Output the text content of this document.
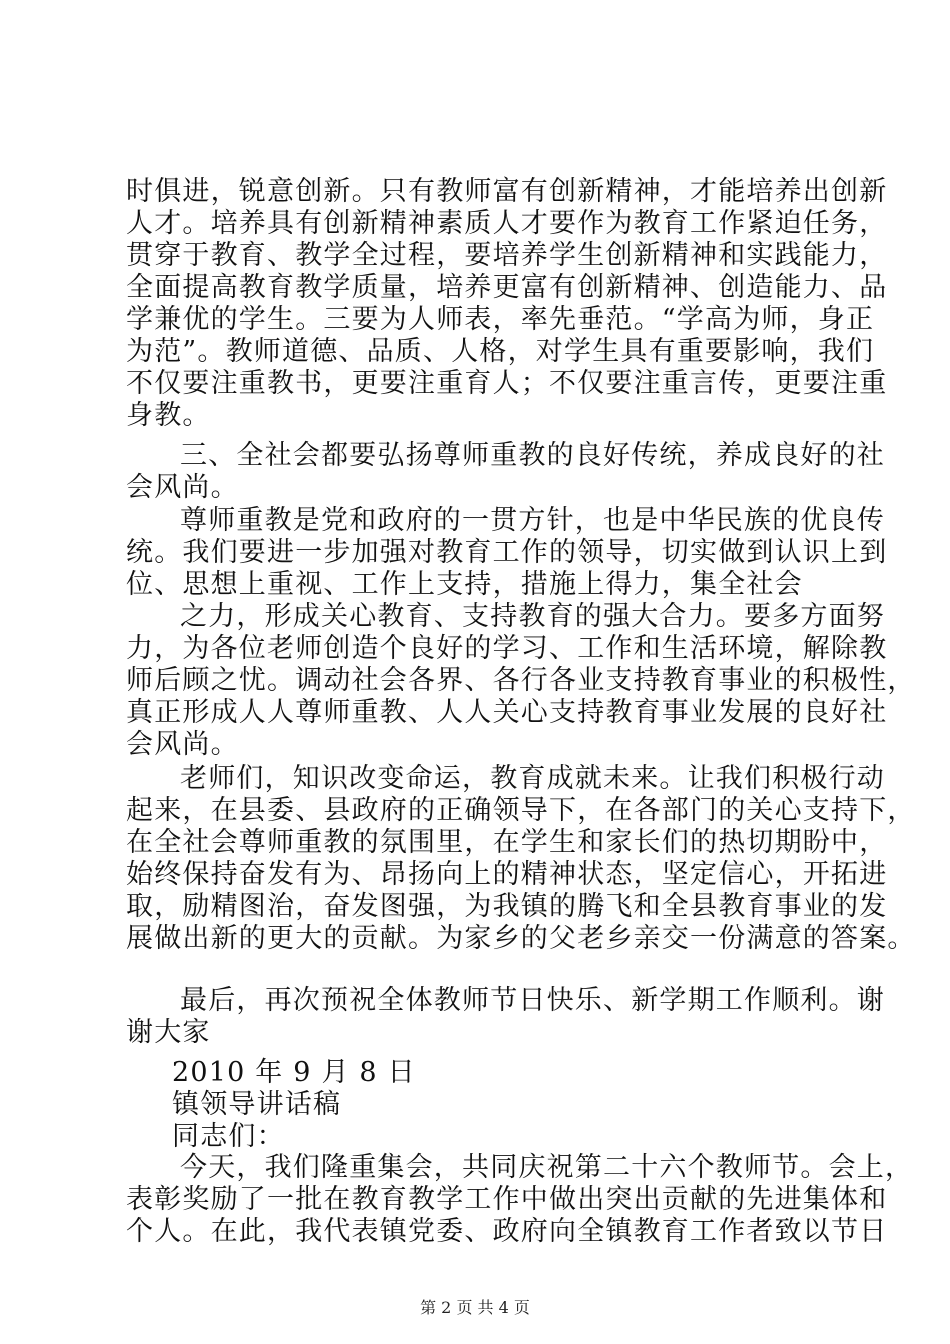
时俱进，锐意创新。只有教师富有创新精神，才能培养出创新
人才。培养具有创新精神素质人才要作为教育工作紧迫任务，
贯穿于教育、教学全过程，要培养学生创新精神和实践能力，
全面提高教育教学质量，培养更富有创新精神、创造能力、品
学兼优的学生。三要为人师表，率先垂范。“学高为师，身正
为范”。教师道德、品质、人格，对学生具有重要影响，我们
不仅要注重教书，更要注重育人；不仅要注重言传，更要注重
身教。
三、全社会都要弘扬尊师重教的良好传统，养成良好的社
会风尚。
尊师重教是党和政府的一贯方针，也是中华民族的优良传
统。我们要进一步加强对教育工作的领导，切实做到认识上到
位、思想上重视、工作上支持，措施上得力，集全社会
之力，形成关心教育、支持教育的强大合力。要多方面努
力，为各位老师创造个良好的学习、工作和生活环境，解除教
师后顾之忧。调动社会各界、各行各业支持教育事业的积极性，
真正形成人人尊师重教、人人关心支持教育事业发展的良好社
会风尚。
老师们，知识改变命运，教育成就未来。让我们积极行动
起来，在县委、县政府的正确领导下，在各部门的关心支持下，
在全社会尊师重教的氛围里，在学生和家长们的热切期盼中，
始终保持奋发有为、昂扬向上的精神状态，坚定信心，开拓进
取，励精图治，奋发图强，为我镇的腾飞和全县教育事业的发
展做出新的更大的贡献。为家乡的父老乡亲交一份满意的答案。
最后，再次预祝全体教师节日快乐、新学期工作顺利。谢
谢大家
2010 年 9 月 8 日
镇领导讲话稿
同志们：
今天，我们隆重集会，共同庆祝第二十六个教师节。会上，
表彰奖励了一批在教育教学工作中做出突出贡献的先进集体和
个人。在此，我代表镇党委、政府向全镇教育工作者致以节日
第 2 页 共 4 页
